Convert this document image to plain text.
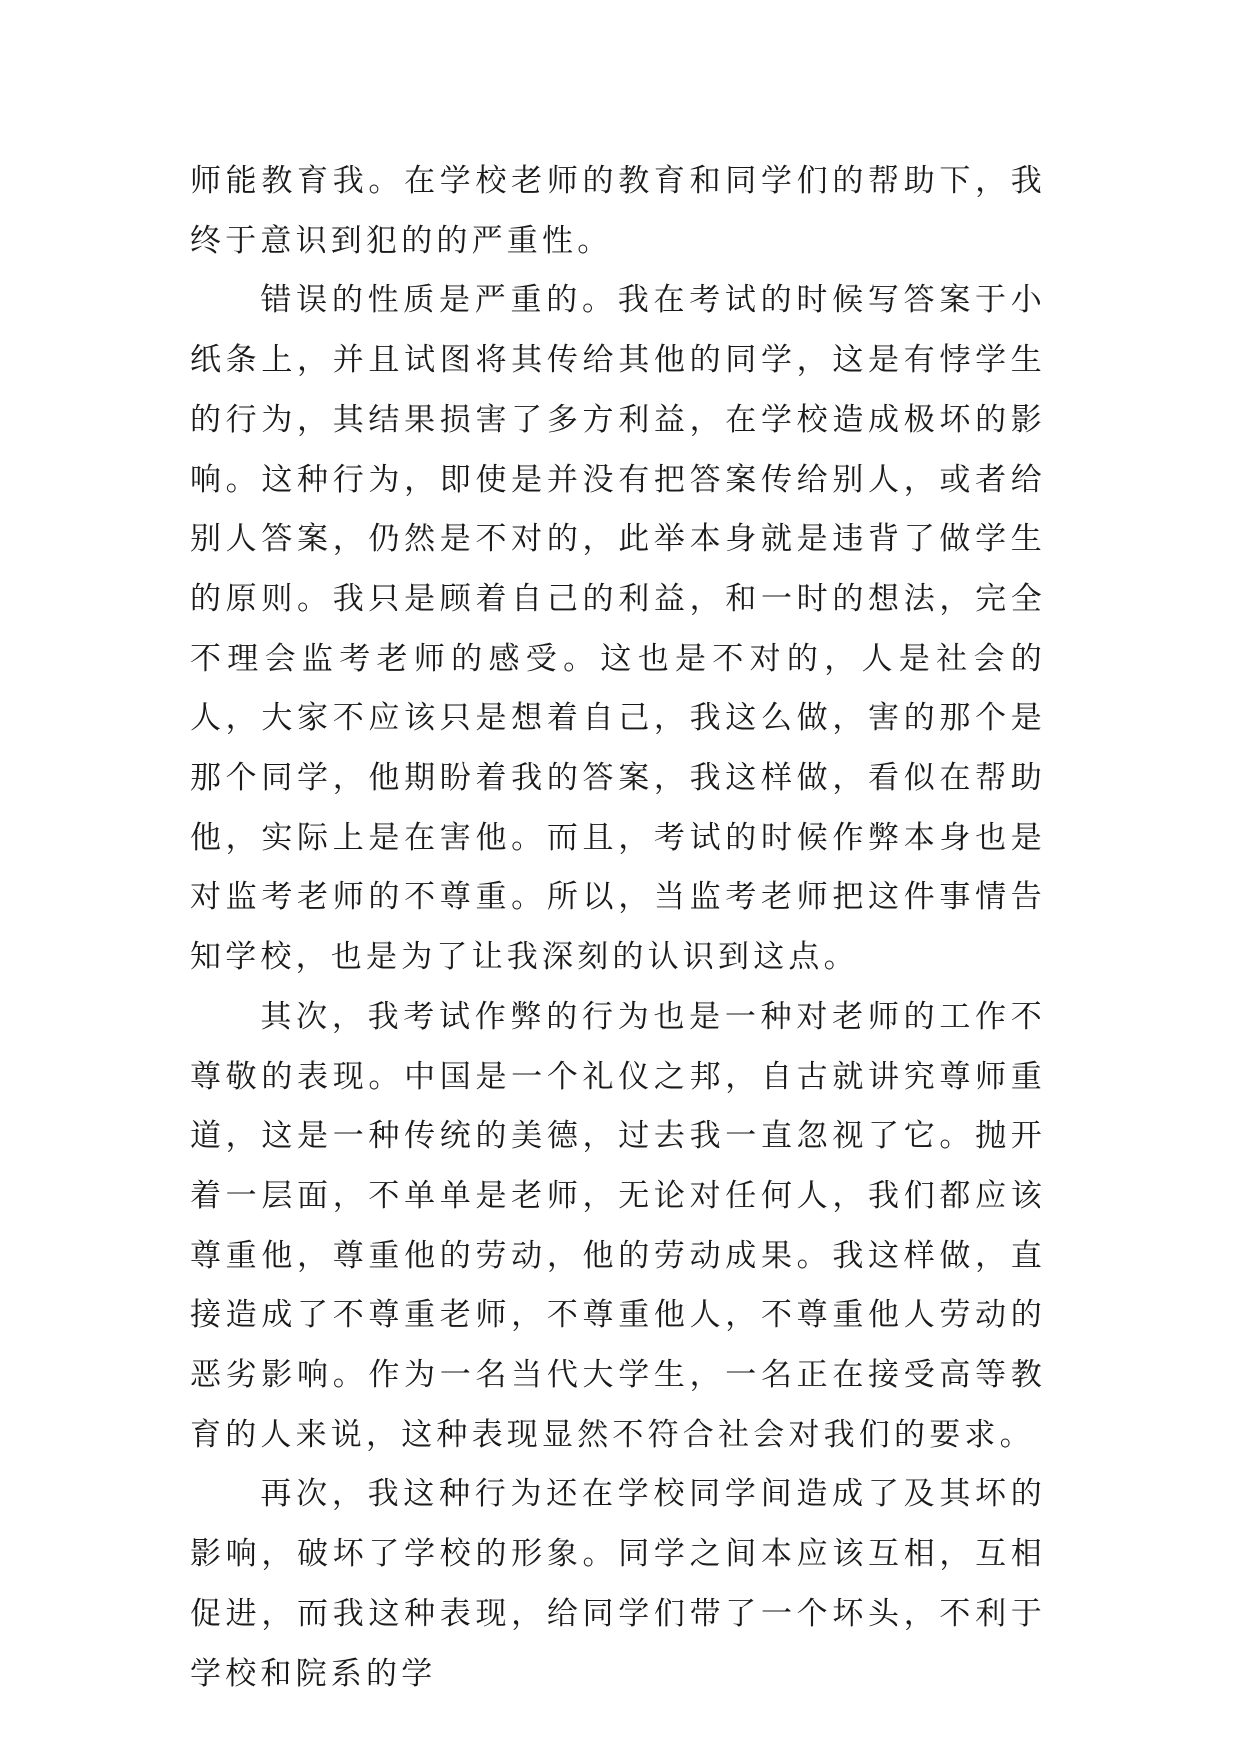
师能教育我。在学校老师的教育和同学们的帮助下，我终于意识到犯的的严重性。

错误的性质是严重的。我在考试的时候写答案于小纸条上，并且试图将其传给其他的同学，这是有悖学生的行为，其结果损害了多方利益，在学校造成极坏的影响。这种行为，即使是并没有把答案传给别人，或者给别人答案，仍然是不对的，此举本身就是违背了做学生的原则。我只是顾着自己的利益，和一时的想法，完全不理会监考老师的感受。这也是不对的，人是社会的人，大家不应该只是想着自己，我这么做，害的那个是那个同学，他期盼着我的答案，我这样做，看似在帮助他，实际上是在害他。而且，考试的时候作弊本身也是对监考老师的不尊重。所以，当监考老师把这件事情告知学校，也是为了让我深刻的认识到这点。

其次，我考试作弊的行为也是一种对老师的工作不尊敬的表现。中国是一个礼仪之邦，自古就讲究尊师重道，这是一种传统的美德，过去我一直忽视了它。抛开着一层面，不单单是老师，无论对任何人，我们都应该尊重他，尊重他的劳动，他的劳动成果。我这样做，直接造成了不尊重老师，不尊重他人，不尊重他人劳动的恶劣影响。作为一名当代大学生，一名正在接受高等教育的人来说，这种表现显然不符合社会对我们的要求。

再次，我这种行为还在学校同学间造成了及其坏的影响，破坏了学校的形象。同学之间本应该互相，互相促进，而我这种表现，给同学们带了一个坏头，不利于学校和院系的学
